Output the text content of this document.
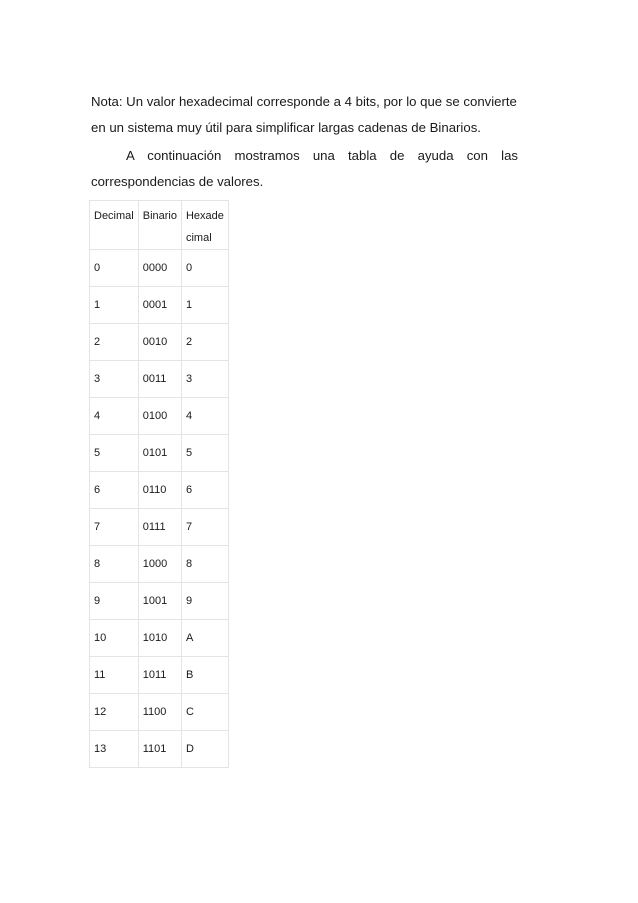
Nota: Un valor hexadecimal corresponde a 4 bits, por lo que se convierte
en un sistema muy útil para simplificar largas cadenas de Binarios.

A continuación mostramos una tabla de ayuda con las correspondencias de valores.

Decimal	Binario	Hexade cimal
0	0000	0
1	0001	1
2	0010	2
3	0011	3
4	0100	4
5	0101	5
6	0110	6
7	0111	7
8	1000	8
9	1001	9
10	1010	A
11	1011	B
12	1100	C
13	1101	D
